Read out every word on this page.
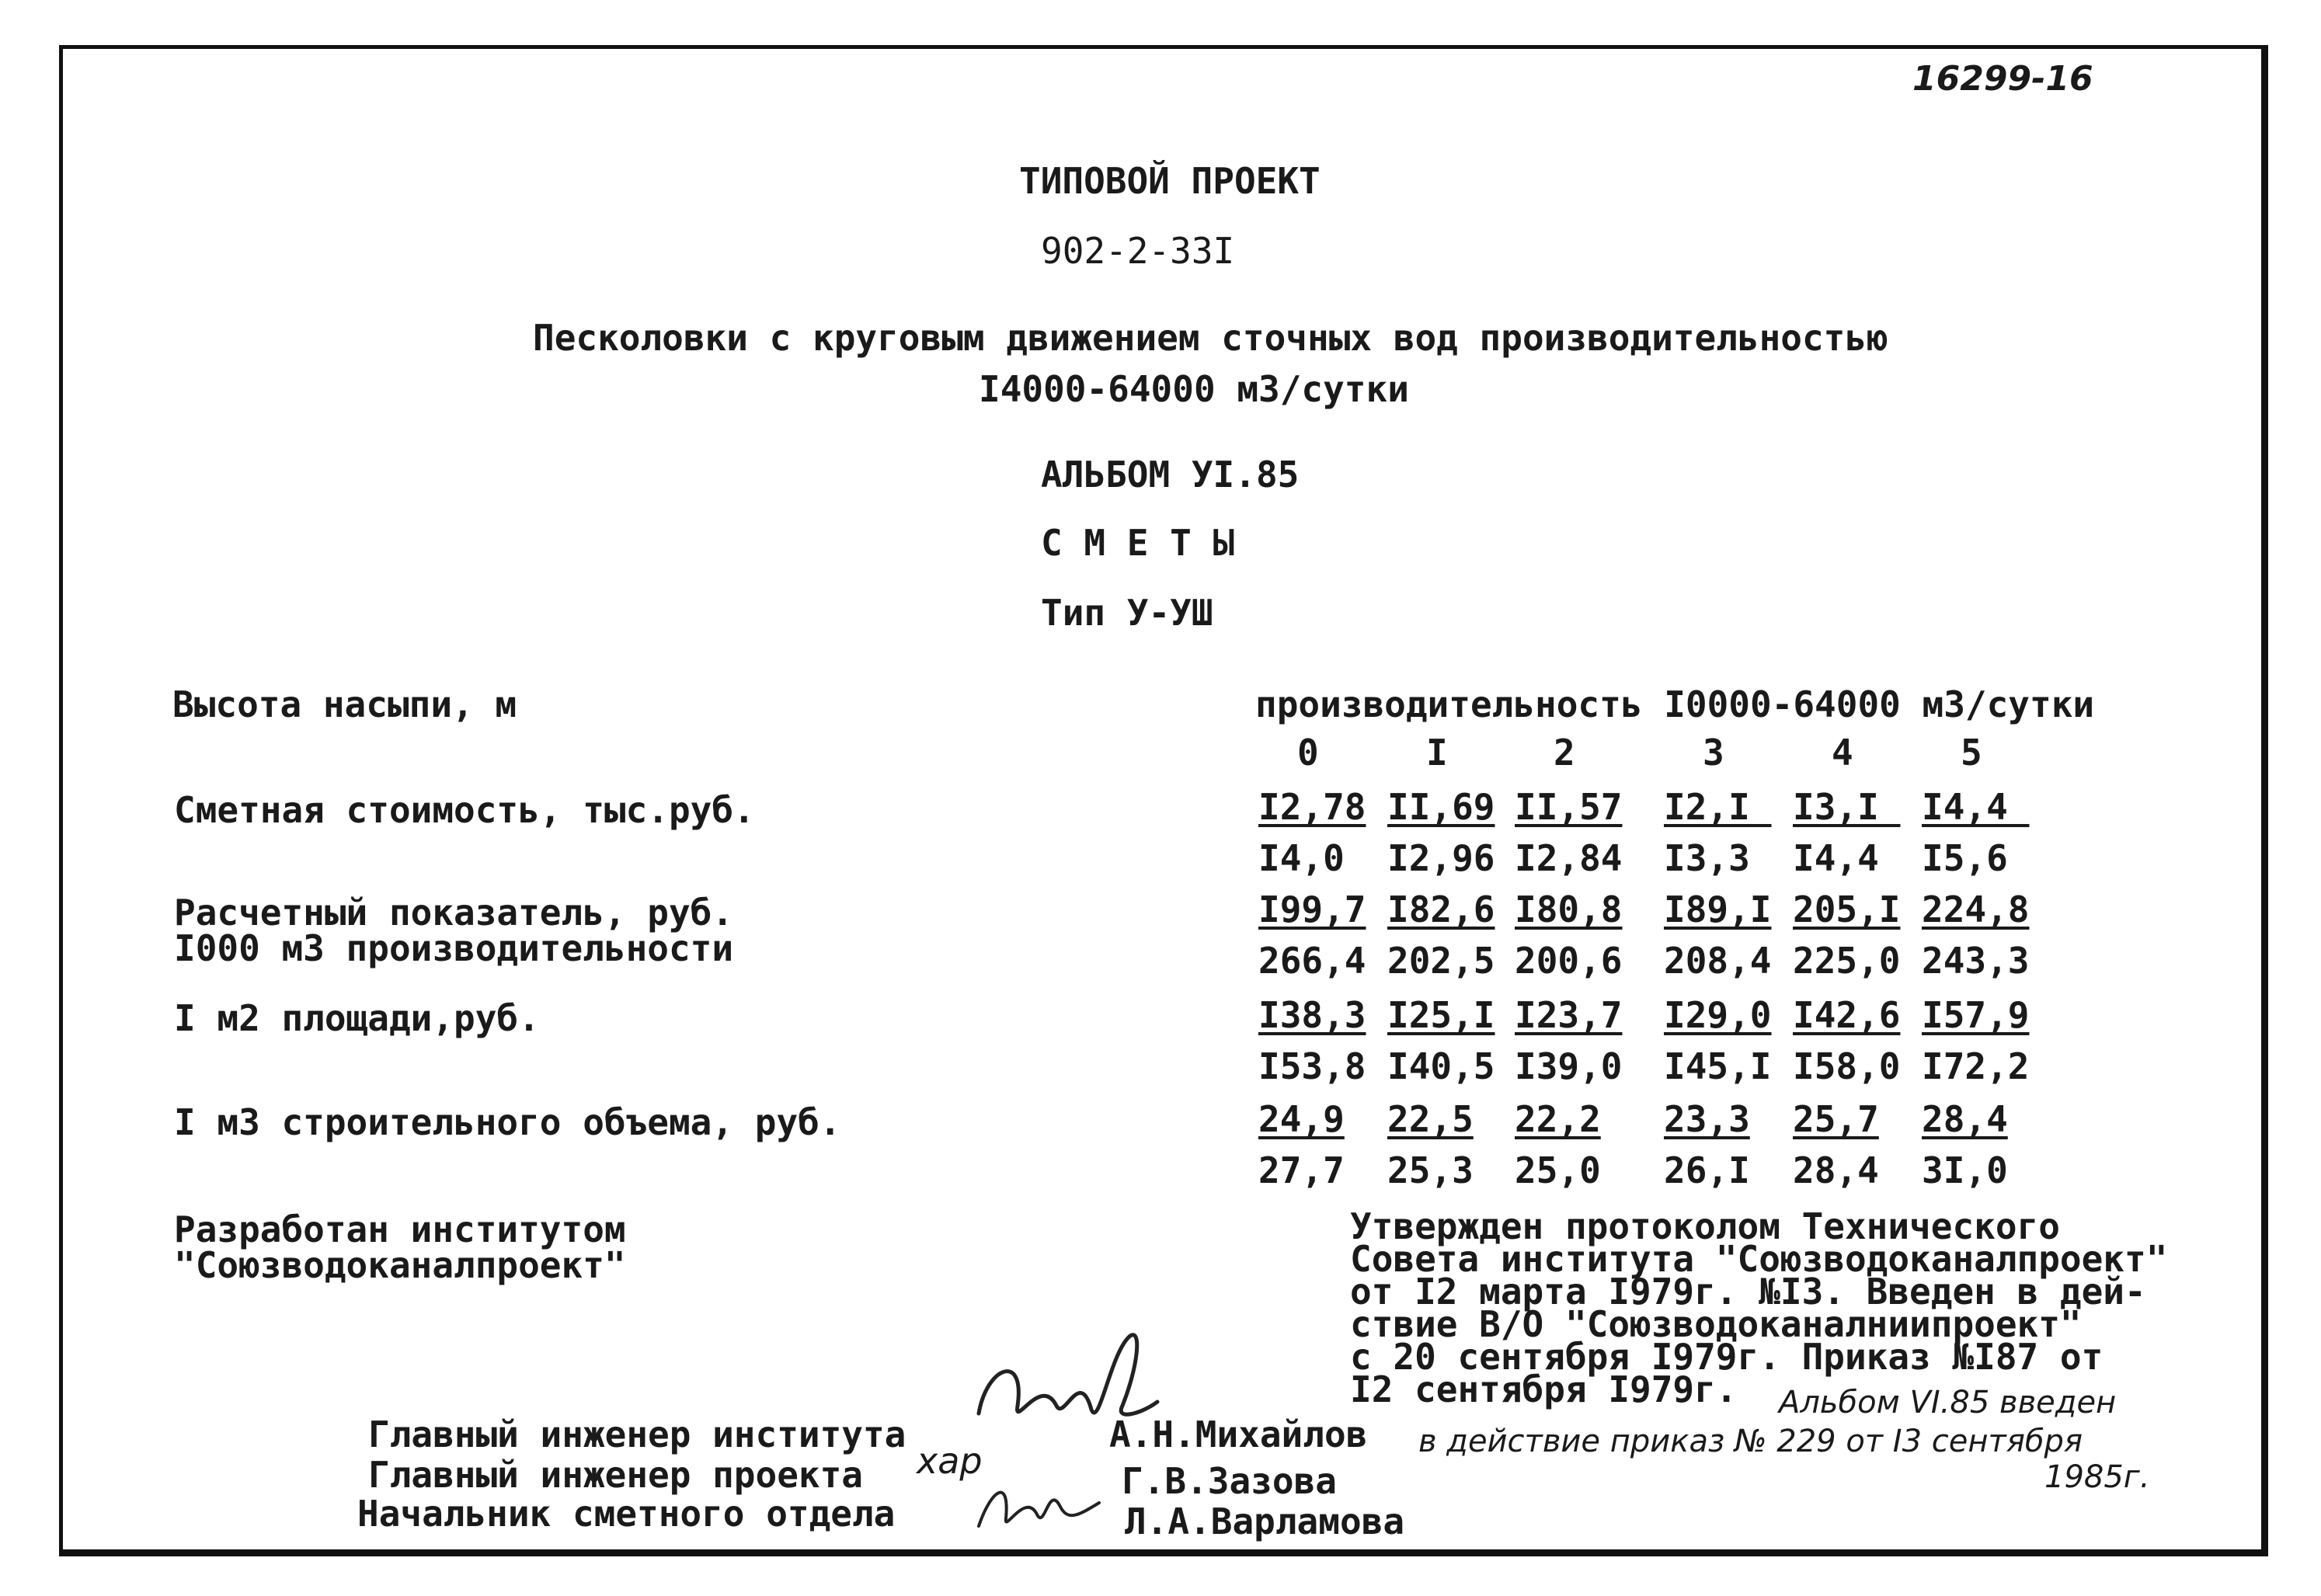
16299-16
ТИПОВОЙ ПРОЕКТ
902-2-33I
Песколовки с круговым движением сточных вод производительностью
I4000-64000 м3/сутки
АЛЬБОМ УI.85
С М Е Т Ы
Тип У-УШ
Высота насыпи, м	производительность I0000-64000 м3/сутки
0	I	2	3	4	5
Сметная стоимость, тыс.руб.	I2,78 II,69 II,57 I2,I I3,I I4,4
I4,0 I2,96 I2,84 I3,3 I4,4 I5,6
Расчетный показатель, руб.
I000 м3 производительности
I99,7 I82,6 I80,8 I89,I 205,I 224,8
266,4 202,5 200,6 208,4 225,0 243,3
I м2 площади,руб.	I38,3 I25,I I23,7 I29,0 I42,6 I57,9
I53,8 I40,5 I39,0 I45,I I58,0 I72,2
I м3 строительного объема, руб.	24,9 22,5 22,2 23,3 25,7 28,4
27,7 25,3 25,0 26,I 28,4 3I,0
Разработан институтом
"Союзводоканалпроект"
Утвержден протоколом Технического
Совета института "Союзводоканалпроект"
от I2 марта I979г. №I3. Введен в дей-
ствие В/О "Союзводоканалниипроект"
с 20 сентября I979г. Приказ №I87 от
I2 сентября I979г. Альбом VI.85 введен
в действие приказ № 229 от I3 сентября
1985г.
Главный инженер института	А.Н.Михайлов
Главный инженер проекта хар	Г.В.Зазова
Начальник сметного отдела	Л.А.Варламова
